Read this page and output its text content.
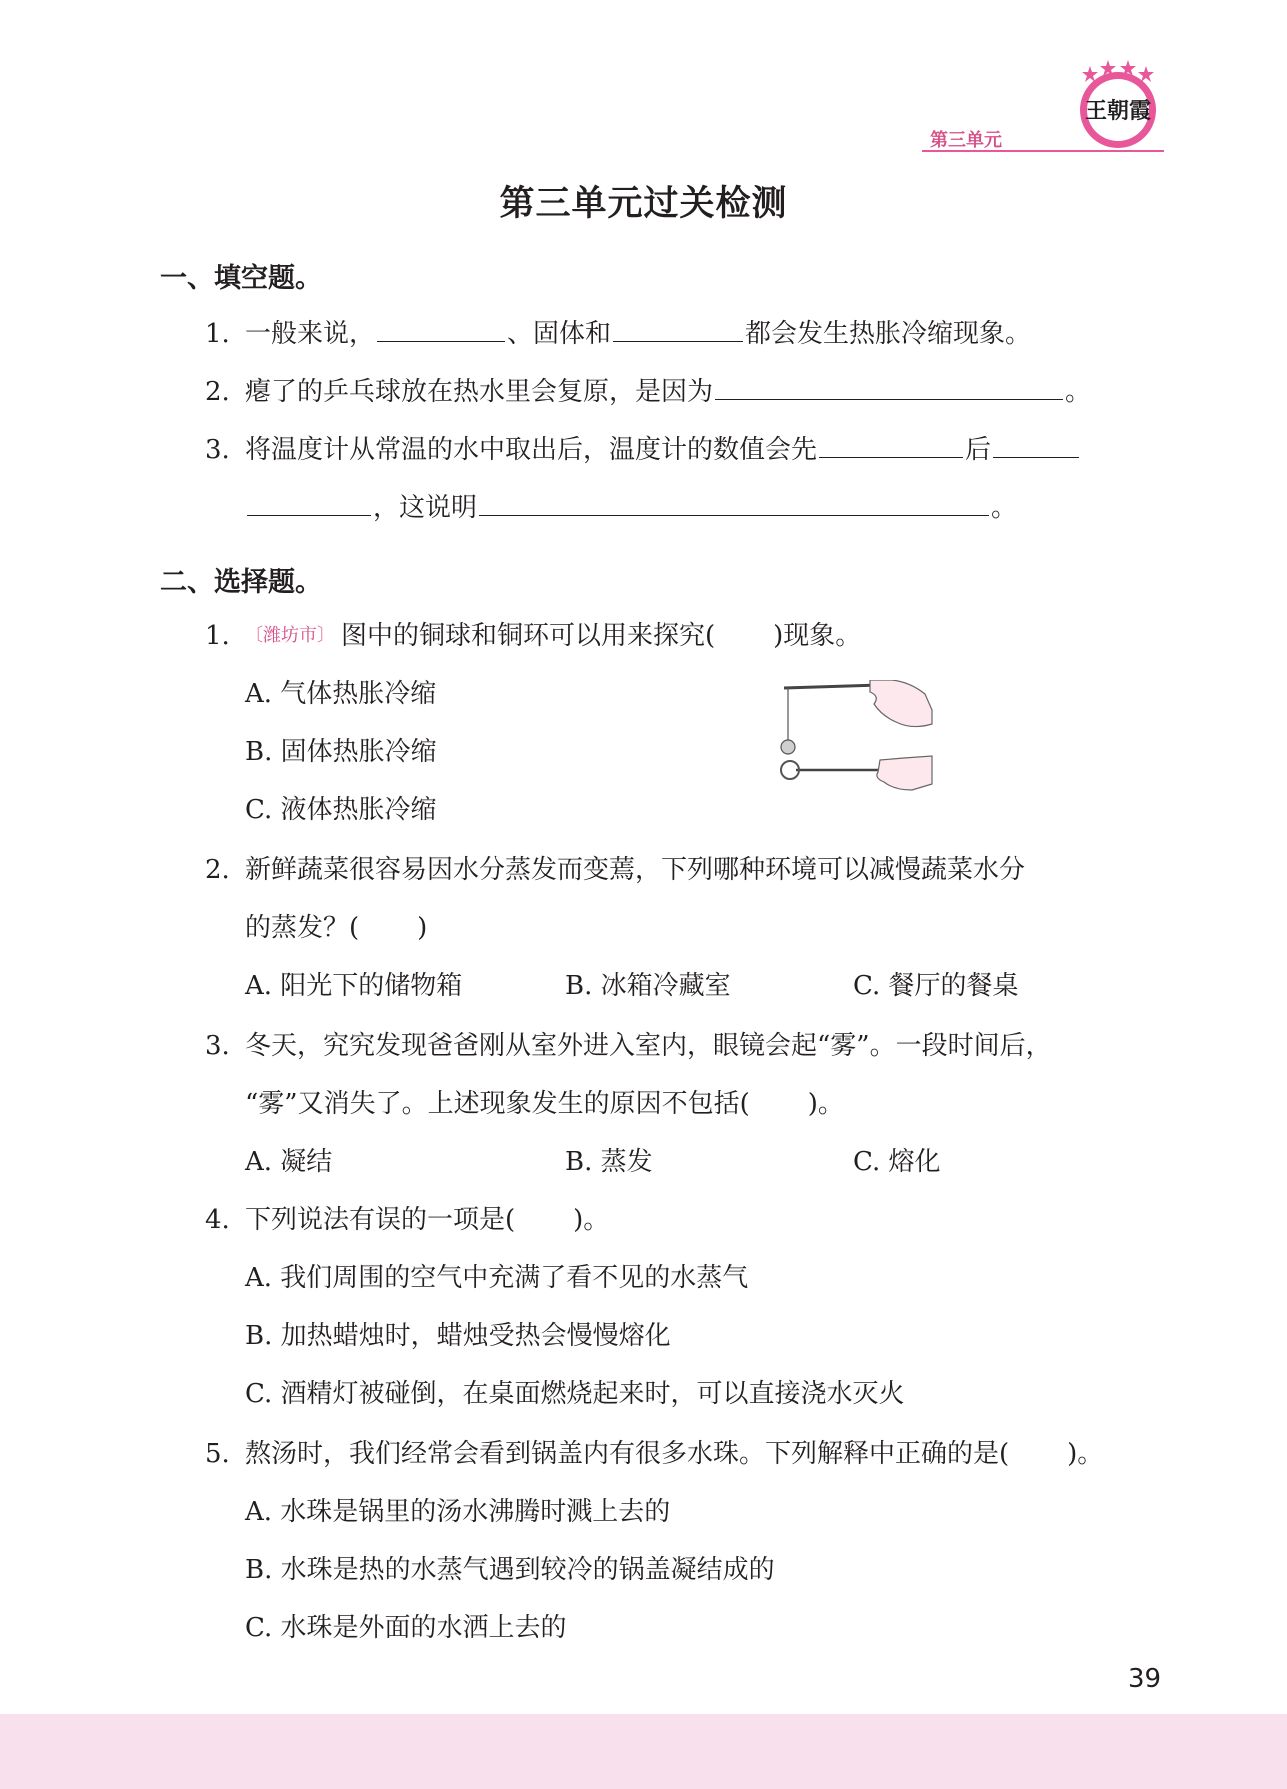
王朝霞
第三单元
第三单元过关检测
一、填空题。
1. 一般来说，	、固体和	都会发生热胀冷缩现象。
2. 瘪了的乒乓球放在热水里会复原，是因为	。
3. 将温度计从常温的水中取出后，温度计的数值会先	后
，这说明	。
二、选择题。
1. 〔潍坊市〕 图中的铜球和铜环可以用来探究( )现象。
A. 气体热胀冷缩
B. 固体热胀冷缩
C. 液体热胀冷缩
2. 新鲜蔬菜很容易因水分蒸发而变蔫，下列哪种环境可以减慢蔬菜水分
的蒸发？( )
A. 阳光下的储物箱	B. 冰箱冷藏室	C. 餐厅的餐桌
3. 冬天，究究发现爸爸刚从室外进入室内，眼镜会起“雾”。一段时间后，
“雾”又消失了。上述现象发生的原因不包括( )。
A. 凝结	B. 蒸发	C. 熔化
4. 下列说法有误的一项是( )。
A. 我们周围的空气中充满了看不见的水蒸气
B. 加热蜡烛时，蜡烛受热会慢慢熔化
C. 酒精灯被碰倒，在桌面燃烧起来时，可以直接浇水灭火
5. 熬汤时，我们经常会看到锅盖内有很多水珠。下列解释中正确的是( )。
A. 水珠是锅里的汤水沸腾时溅上去的
B. 水珠是热的水蒸气遇到较冷的锅盖凝结成的
C. 水珠是外面的水洒上去的
39
